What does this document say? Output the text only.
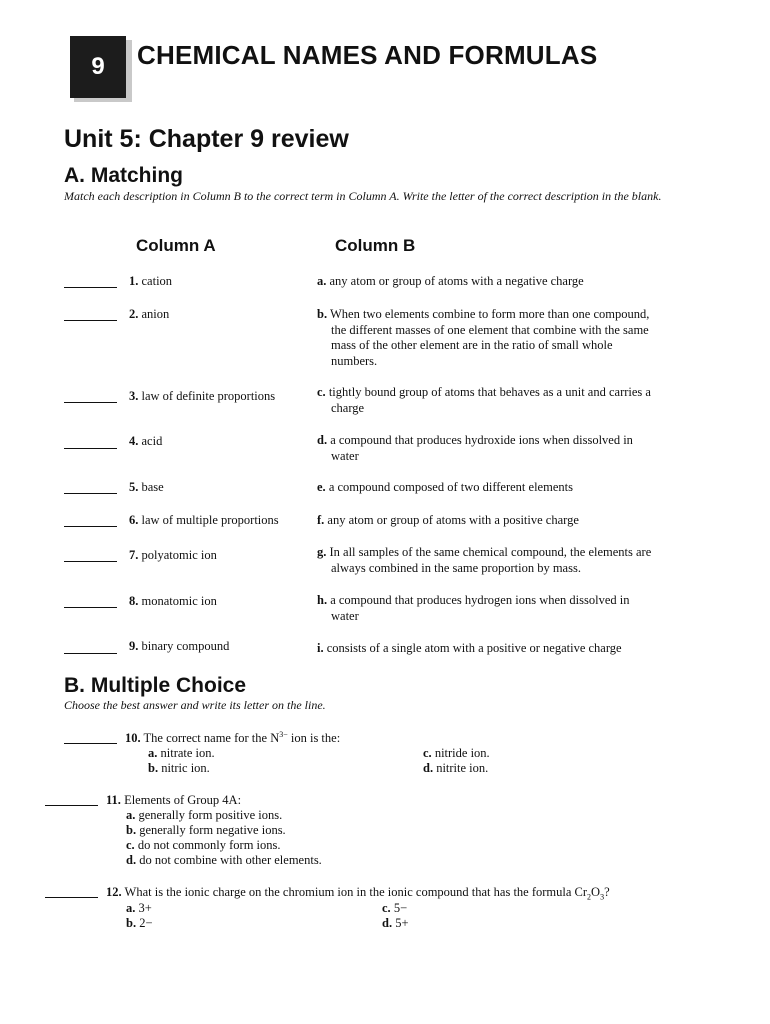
9	CHEMICAL NAMES AND FORMULAS
Unit 5: Chapter 9 review
A. Matching
Match each description in Column B to the correct term in Column A. Write the letter of the correct description in the blank.
Column A	Column B
1. cation	a. any atom or group of atoms with a negative charge
2. anion	b. When two elements combine to form more than one compound,
the different masses of one element that combine with the same
mass of the other element are in the ratio of small whole
numbers.
3. law of definite proportions	c. tightly bound group of atoms that behaves as a unit and carries a
charge
4. acid	d. a compound that produces hydroxide ions when dissolved in
water
5. base	e. a compound composed of two different elements
6. law of multiple proportions	f. any atom or group of atoms with a positive charge
7. polyatomic ion	g. In all samples of the same chemical compound, the elements are
always combined in the same proportion by mass.
8. monatomic ion	h. a compound that produces hydrogen ions when dissolved in
water
9. binary compound	i. consists of a single atom with a positive or negative charge
B. Multiple Choice
Choose the best answer and write its letter on the line.
10. The correct name for the $N^{3-}$ ion is the:
a. nitrate ion.
b. nitric ion.
c. nitride ion.
d. nitrite ion.
11. Elements of Group 4A:
a. generally form positive ions.
b. generally form negative ions.
c. do not commonly form ions.
d. do not combine with other elements.
12. What is the ionic charge on the chromium ion in the ionic compound that has the formula $Cr_2O_3$?
a. 3+
b. 2−
c. 5−
d. 5+
